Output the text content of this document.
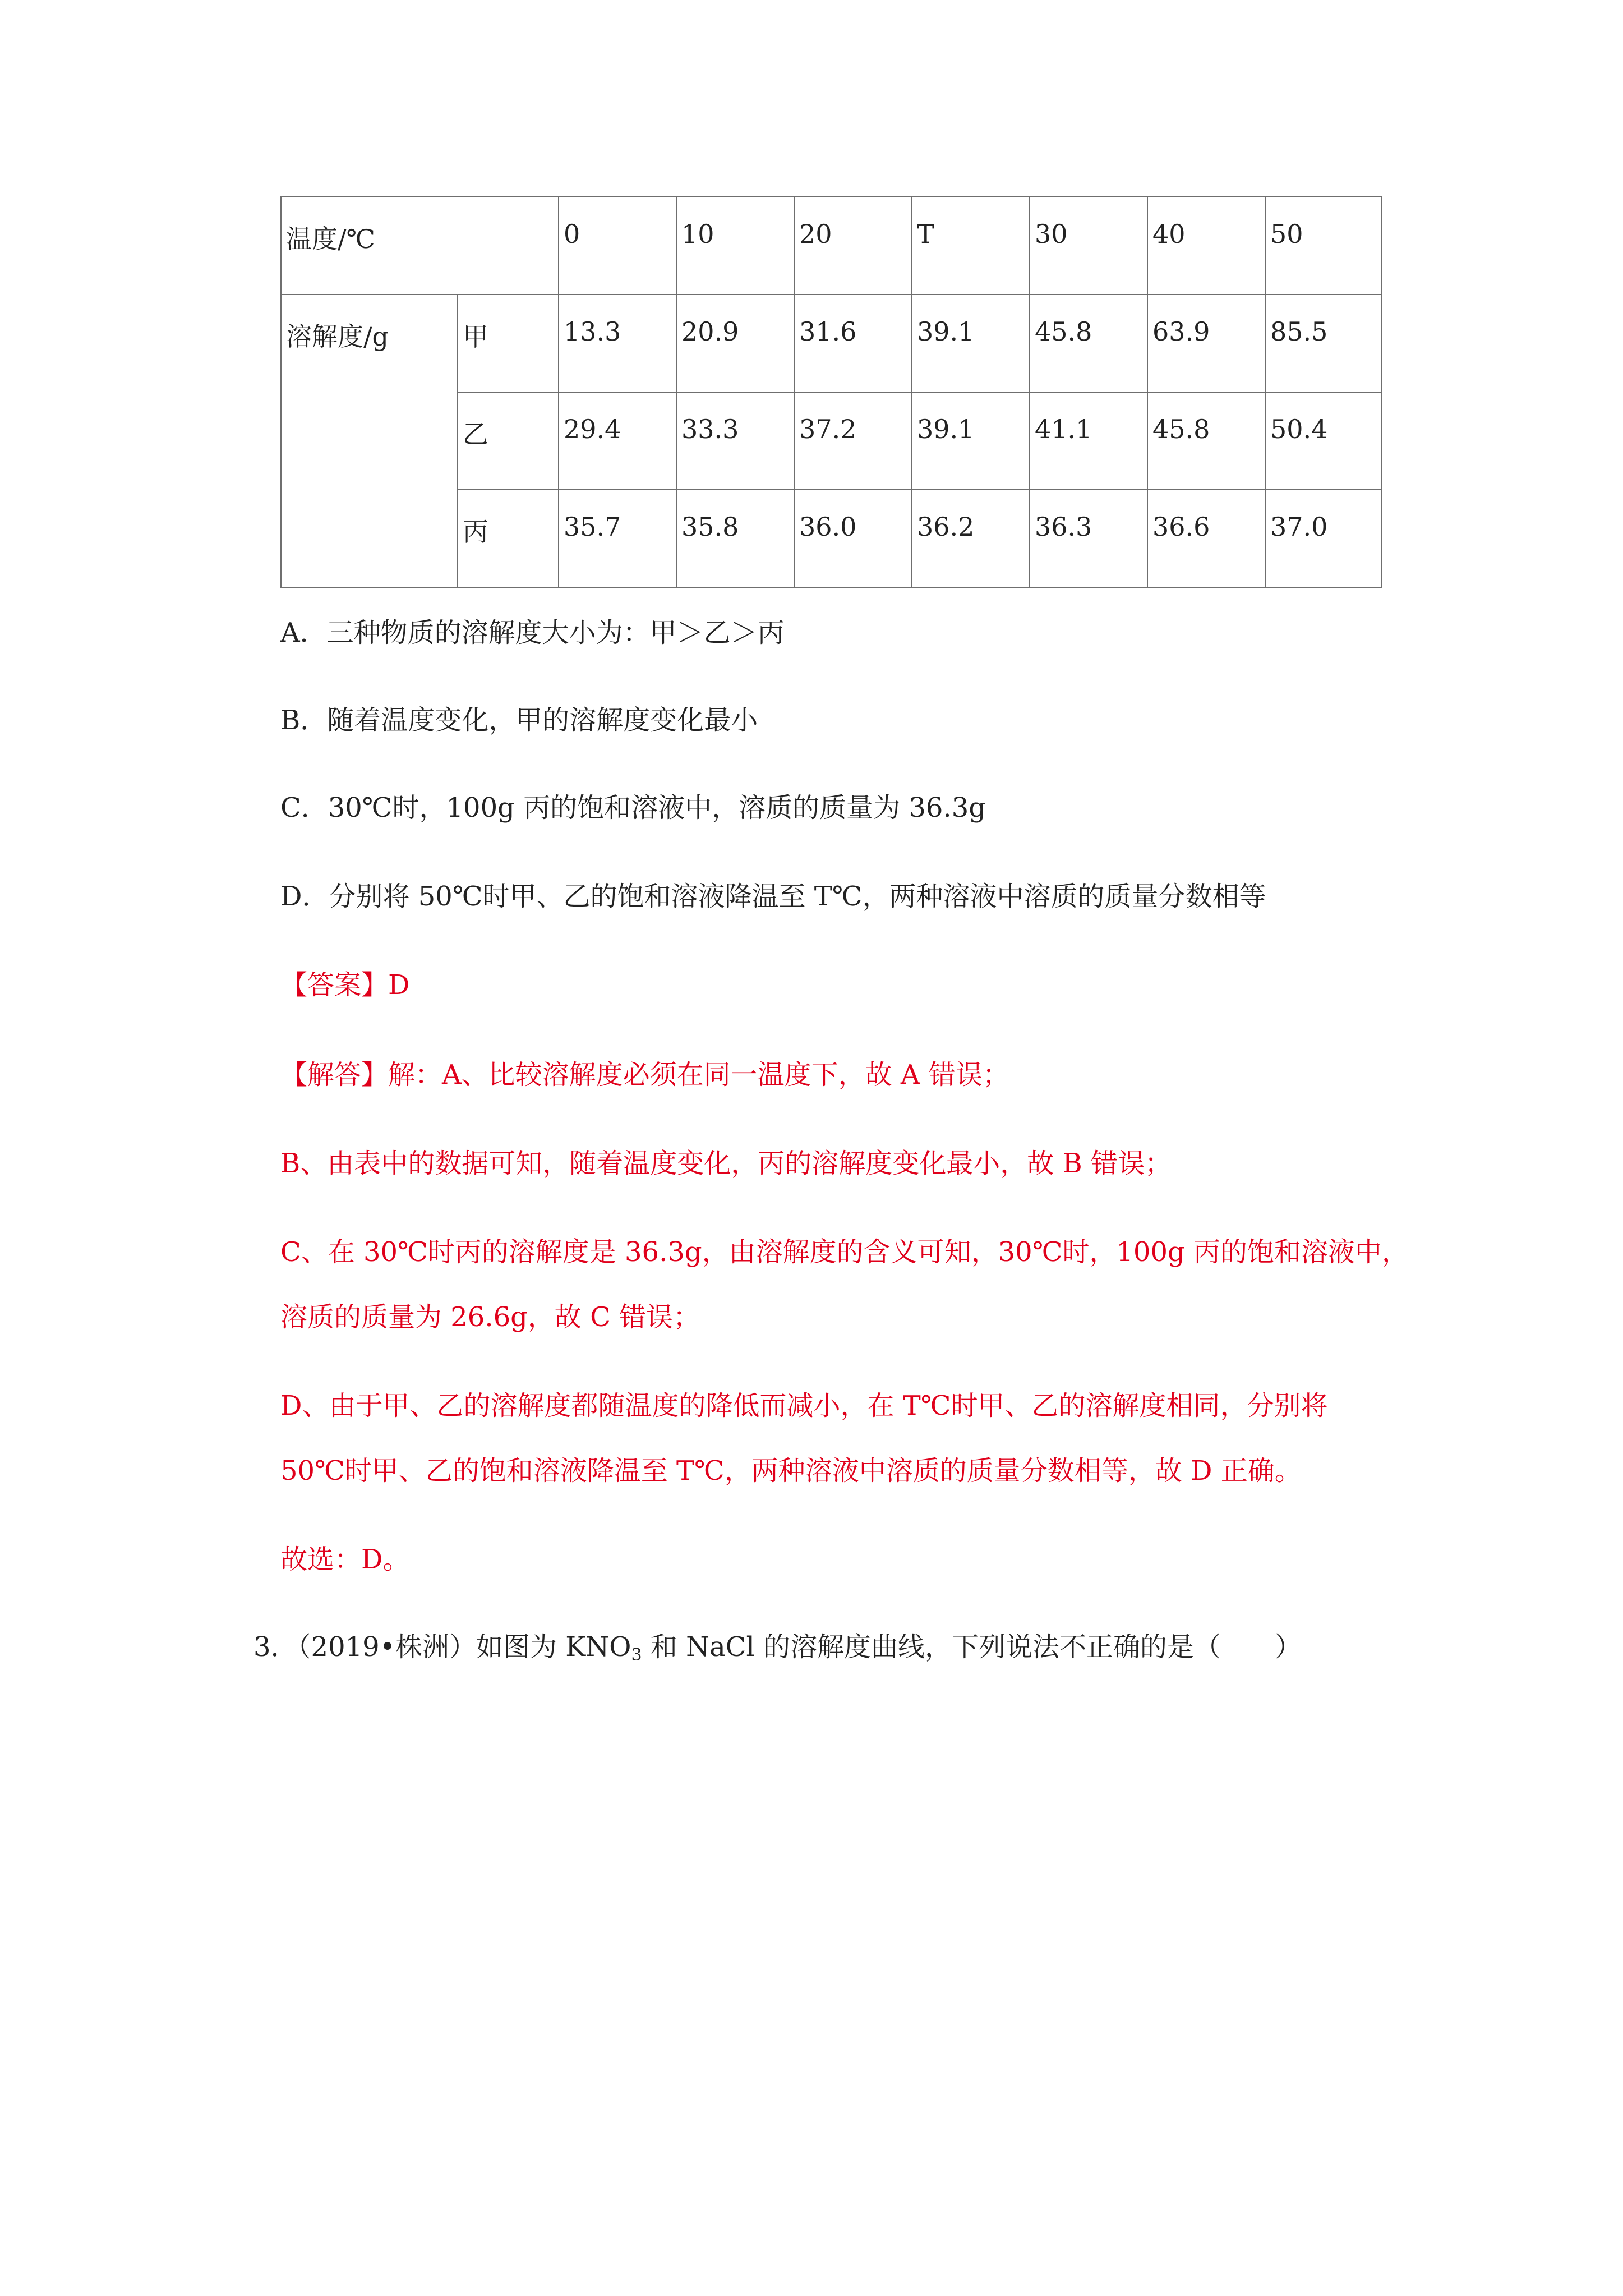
温度/℃		0	10	20	T	30	40	50
溶解度/g	甲	13.3	20.9	31.6	39.1	45.8	63.9	85.5
	乙	29.4	33.3	37.2	39.1	41.1	45.8	50.4
	丙	35.7	35.8	36.0	36.2	36.3	36.6	37.0
A．三种物质的溶解度大小为：甲＞乙＞丙
B．随着温度变化，甲的溶解度变化最小
C．30℃时，100g 丙的饱和溶液中，溶质的质量为 36.3g
D．分别将 50℃时甲、乙的饱和溶液降温至 T℃，两种溶液中溶质的质量分数相等
【答案】D
【解答】解：A、比较溶解度必须在同一温度下，故 A 错误；
B、由表中的数据可知，随着温度变化，丙的溶解度变化最小，故 B 错误；
C、在 30℃时丙的溶解度是 36.3g，由溶解度的含义可知，30℃时，100g 丙的饱和溶液中，
溶质的质量为 26.6g，故 C 错误；
D、由于甲、乙的溶解度都随温度的降低而减小，在 T℃时甲、乙的溶解度相同，分别将
50℃时甲、乙的饱和溶液降温至 T℃，两种溶液中溶质的质量分数相等，故 D 正确。
故选：D。
3．（2019•株洲）如图为 $KNO_3$ 和 NaCl 的溶解度曲线，下列说法不正确的是（　　）
